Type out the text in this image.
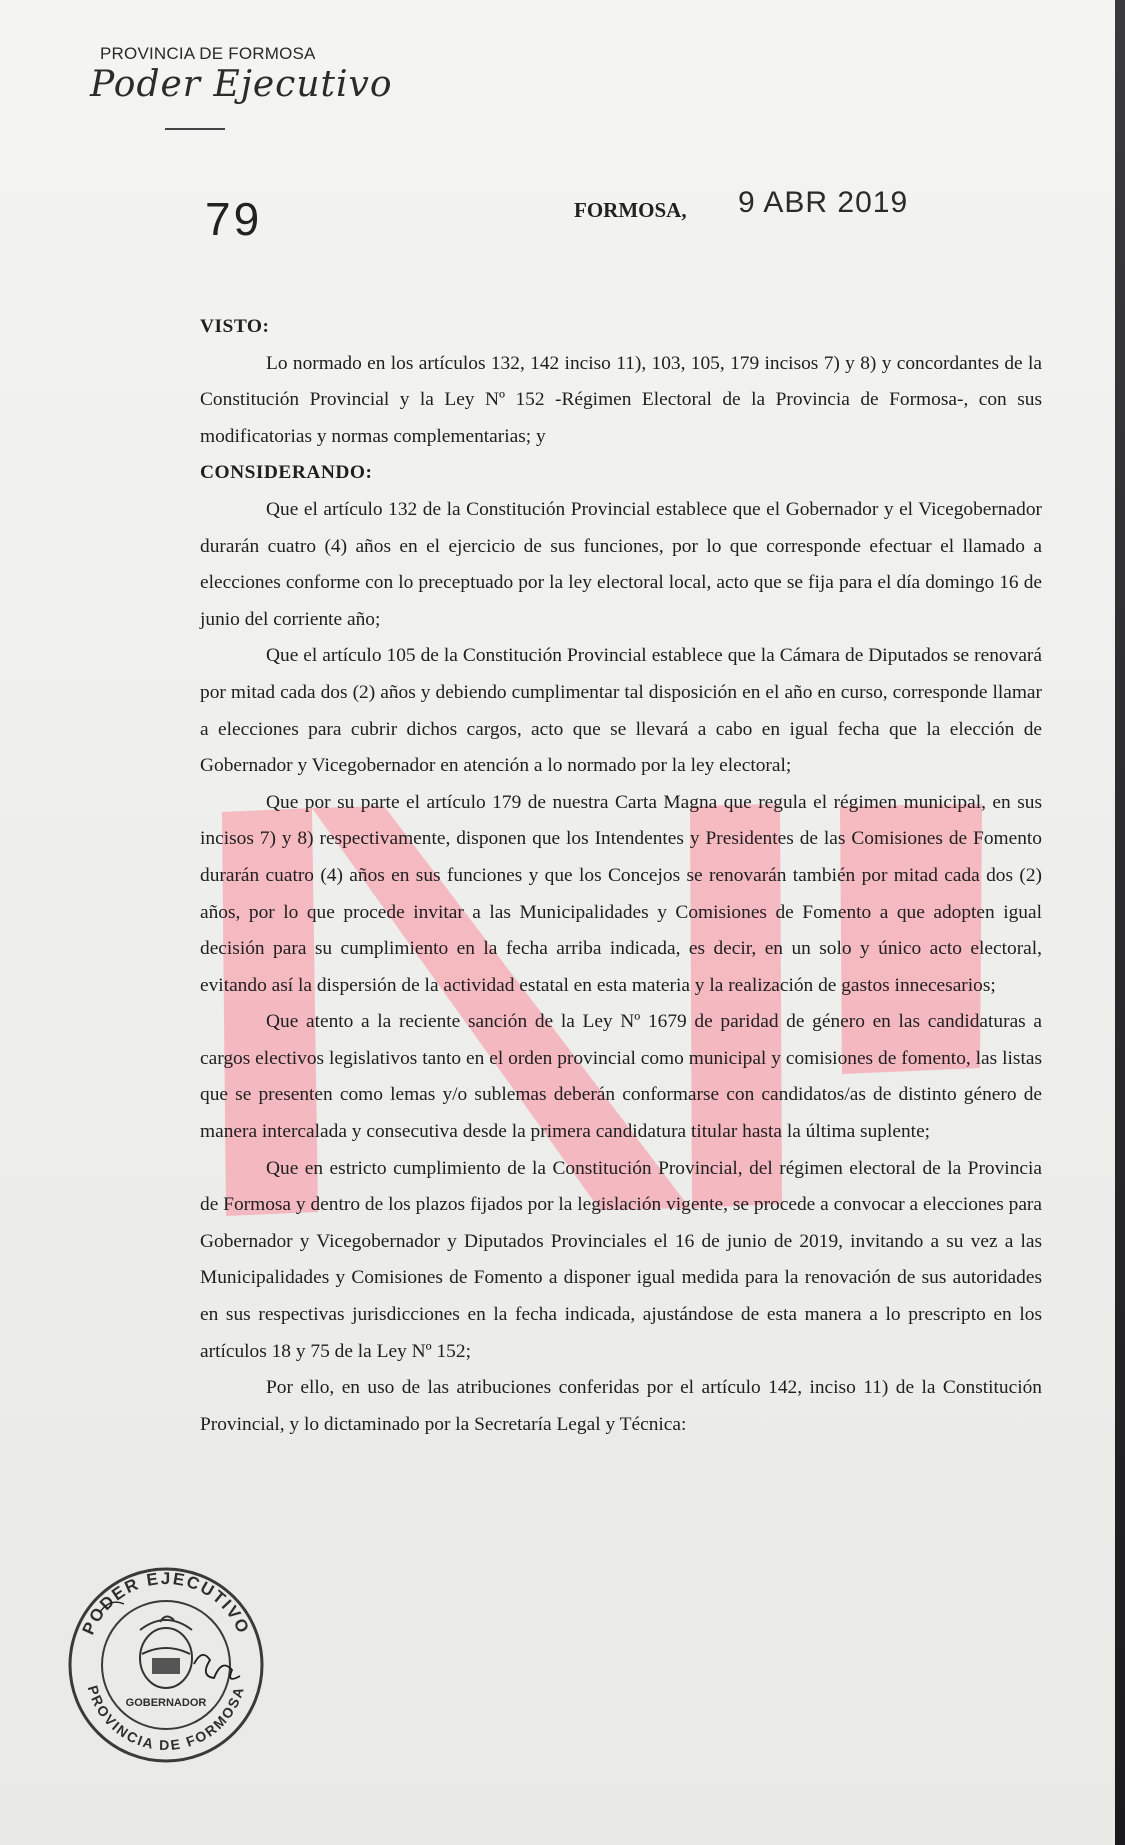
PROVINCIA DE FORMOSA
Poder Ejecutivo
79	FORMOSA, 9 ABR 2019

VISTO:

Lo normado en los artículos 132, 142 inciso 11), 103, 105, 179 incisos 7) y 8) y concordantes de la Constitución Provincial y la Ley Nº 152 -Régimen Electoral de la Provincia de Formosa-, con sus modificatorias y normas complementarias; y

CONSIDERANDO:

Que el artículo 132 de la Constitución Provincial establece que el Gobernador y el Vicegobernador durarán cuatro (4) años en el ejercicio de sus funciones, por lo que corresponde efectuar el llamado a elecciones conforme con lo preceptuado por la ley electoral local, acto que se fija para el día domingo 16 de junio del corriente año;

Que el artículo 105 de la Constitución Provincial establece que la Cámara de Diputados se renovará por mitad cada dos (2) años y debiendo cumplimentar tal disposición en el año en curso, corresponde llamar a elecciones para cubrir dichos cargos, acto que se llevará a cabo en igual fecha que la elección de Gobernador y Vicegobernador en atención a lo normado por la ley electoral;

Que por su parte el artículo 179 de nuestra Carta Magna que regula el régimen municipal, en sus incisos 7) y 8) respectivamente, disponen que los Intendentes y Presidentes de las Comisiones de Fomento durarán cuatro (4) años en sus funciones y que los Concejos se renovarán también por mitad cada dos (2) años, por lo que procede invitar a las Municipalidades y Comisiones de Fomento a que adopten igual decisión para su cumplimiento en la fecha arriba indicada, es decir, en un solo y único acto electoral, evitando así la dispersión de la actividad estatal en esta materia y la realización de gastos innecesarios;

Que atento a la reciente sanción de la Ley Nº 1679 de paridad de género en las candidaturas a cargos electivos legislativos tanto en el orden provincial como municipal y comisiones de fomento, las listas que se presenten como lemas y/o sublemas deberán conformarse con candidatos/as de distinto género de manera intercalada y consecutiva desde la primera candidatura titular hasta la última suplente;

Que en estricto cumplimiento de la Constitución Provincial, del régimen electoral de la Provincia de Formosa y dentro de los plazos fijados por la legislación vigente, se procede a convocar a elecciones para Gobernador y Vicegobernador y Diputados Provinciales el 16 de junio de 2019, invitando a su vez a las Municipalidades y Comisiones de Fomento a disponer igual medida para la renovación de sus autoridades en sus respectivas jurisdicciones en la fecha indicada, ajustándose de esta manera a lo prescripto en los artículos 18 y 75 de la Ley Nº 152;

Por ello, en uso de las atribuciones conferidas por el artículo 142, inciso 11) de la Constitución Provincial, y lo dictaminado por la Secretaría Legal y Técnica:

PODER EJECUTIVO
PROVINCIA DE FORMOSA
GOBERNADOR
